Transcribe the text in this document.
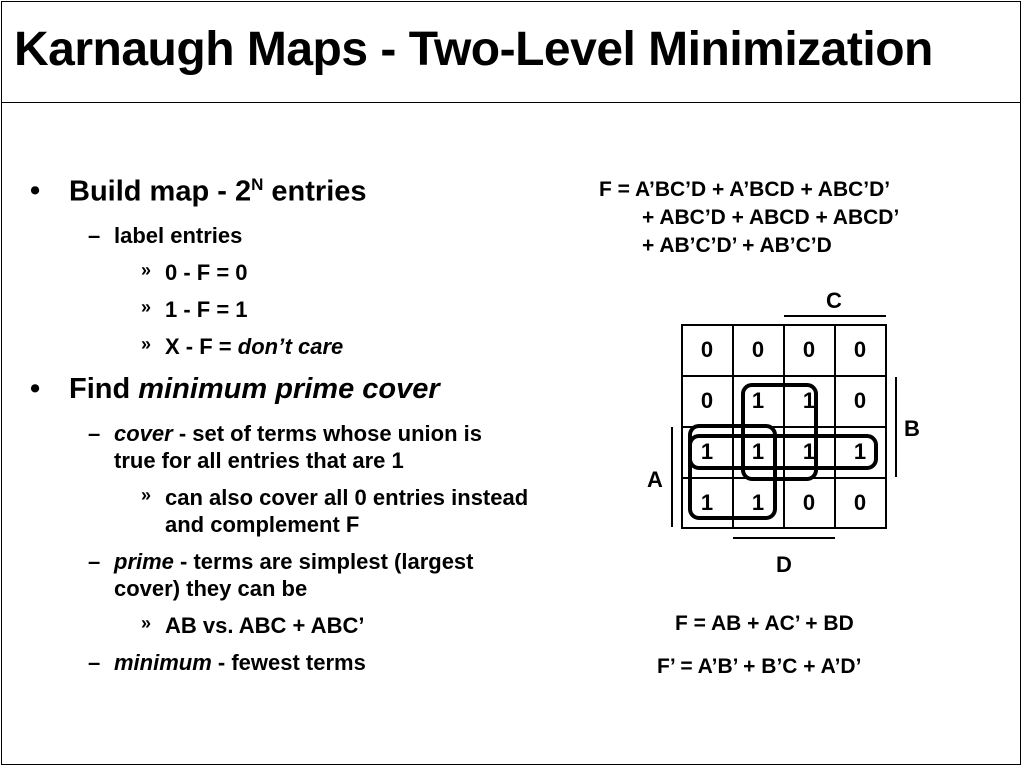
Karnaugh Maps - Two-Level Minimization
• Build map - $2^N$ entries
– label entries
» 0 - F = 0
» 1 - F = 1
» X - F = don’t care
• Find minimum prime cover
– cover - set of terms whose union is
true for all entries that are 1
» can also cover all 0 entries instead
and complement F
– prime - terms are simplest (largest
cover) they can be
» AB vs. ABC + ABC’
– minimum - fewest terms
F = A’BC’D + A’BCD + ABC’D’
+ ABC’D + ABCD + ABCD’
+ AB’C’D’ + AB’C’D
0	0	0	0
0	1	1	0
1	1	1	1
1	1	0	0
C
B
A
D
F = AB + AC’ + BD
F’ = A’B’ + B’C + A’D’
